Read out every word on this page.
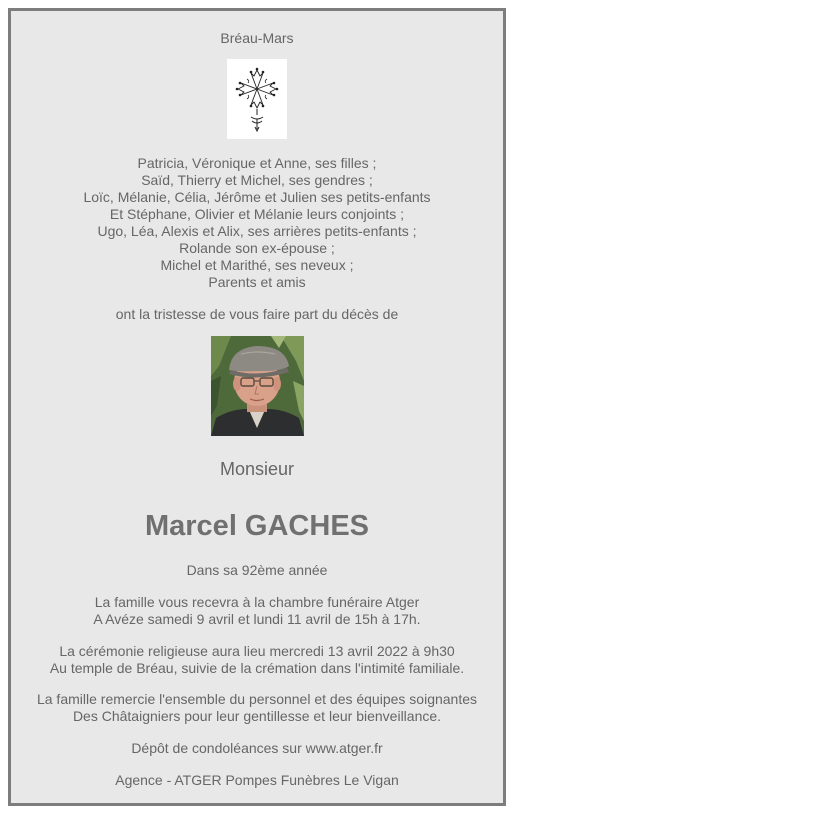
Bréau-Mars
Patricia, Véronique et Anne, ses filles ;
Saïd, Thierry et Michel, ses gendres ;
Loïc, Mélanie, Célia, Jérôme et Julien ses petits-enfants
Et Stéphane, Olivier et Mélanie leurs conjoints ;
Ugo, Léa, Alexis et Alix, ses arrières petits-enfants ;
Rolande son ex-épouse ;
Michel et Marithé, ses neveux ;
Parents et amis
ont la tristesse de vous faire part du décès de
Monsieur
Marcel GACHES
Dans sa 92ème année
La famille vous recevra à la chambre funéraire Atger
A Avéze samedi 9 avril et lundi 11 avril de 15h à 17h.
La cérémonie religieuse aura lieu mercredi 13 avril 2022 à 9h30
Au temple de Bréau, suivie de la crémation dans l'intimité familiale.
La famille remercie l'ensemble du personnel et des équipes soignantes
Des Châtaigniers pour leur gentillesse et leur bienveillance.
Dépôt de condoléances sur www.atger.fr
Agence - ATGER Pompes Funèbres Le Vigan
